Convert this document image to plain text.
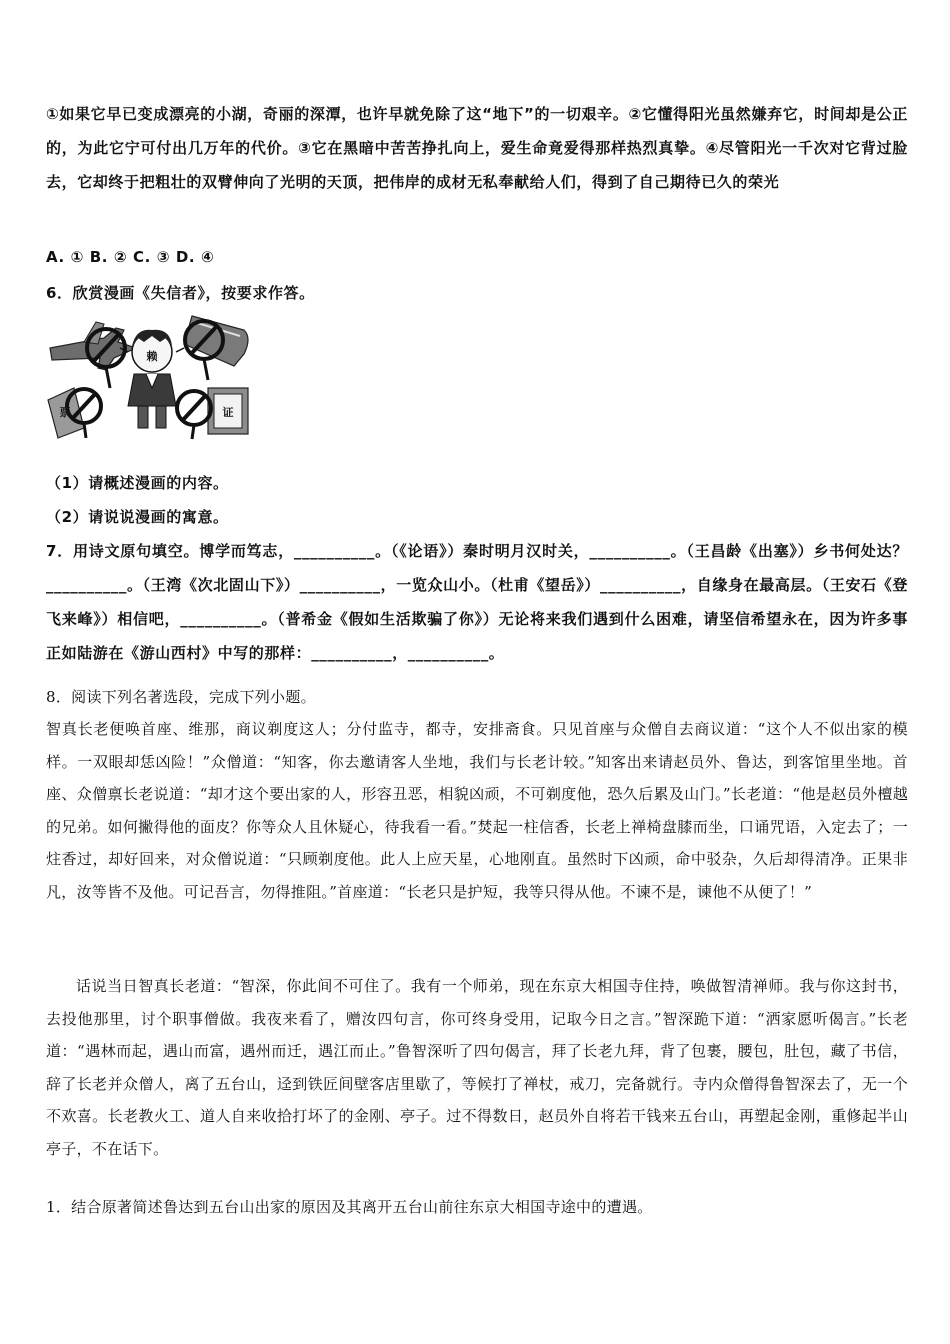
①如果它早已变成漂亮的小湖，奇丽的深潭，也许早就免除了这“地下”的一切艰辛。②它懂得阳光虽然嫌弃它，时间却是公正的，为此它宁可付出几万年的代价。③它在黑暗中苦苦挣扎向上，爱生命竟爱得那样热烈真挚。④尽管阳光一千次对它背过脸去，它却终于把粗壮的双臂伸向了光明的天顶，把伟岸的成材无私奉献给人们，得到了自己期待已久的荣光
A. ① B. ② C. ③ D. ④
6．欣赏漫画《失信者》，按要求作答。
赖
票	证
（1）请概述漫画的内容。
（2）请说说漫画的寓意。
7．用诗文原句填空。博学而笃志，__________。（《论语》）秦时明月汉时关，__________。（王昌龄《出塞》）乡书何处达？__________。（王湾《次北固山下》）__________，一览众山小。（杜甫《望岳》）__________，自缘身在最高层。（王安石《登飞来峰》）相信吧，__________。（普希金《假如生活欺骗了你》）无论将来我们遇到什么困难，请坚信希望永在，因为许多事正如陆游在《游山西村》中写的那样：__________，__________。
8．阅读下列名著选段，完成下列小题。
智真长老便唤首座、维那，商议剃度这人；分付监寺，都寺，安排斋食。只见首座与众僧自去商议道：“这个人不似出家的模样。一双眼却恁凶险！”众僧道：“知客，你去邀请客人坐地，我们与长老计较。”知客出来请赵员外、鲁达，到客馆里坐地。首座、众僧禀长老说道：“却才这个要出家的人，形容丑恶，相貌凶顽，不可剃度他，恐久后累及山门。”长老道：“他是赵员外檀越的兄弟。如何撇得他的面皮？你等众人且休疑心，待我看一看。”焚起一柱信香，长老上禅椅盘膝而坐，口诵咒语，入定去了；一炷香过，却好回来，对众僧说道：“只顾剃度他。此人上应天星，心地刚直。虽然时下凶顽，命中驳杂，久后却得清净。正果非凡，汝等皆不及他。可记吾言，勿得推阻。”首座道：“长老只是护短，我等只得从他。不谏不是，谏他不从便了！”
话说当日智真长老道：“智深，你此间不可住了。我有一个师弟，现在东京大相国寺住持，唤做智清禅师。我与你这封书，去投他那里，讨个职事僧做。我夜来看了，赠汝四句言，你可终身受用，记取今日之言。”智深跪下道：“洒家愿听偈言。”长老道：“遇林而起，遇山而富，遇州而迁，遇江而止。”鲁智深听了四句偈言，拜了长老九拜，背了包裹，腰包，肚包，藏了书信，辞了长老并众僧人，离了五台山，迳到铁匠间壁客店里歇了，等候打了禅杖，戒刀，完备就行。寺内众僧得鲁智深去了，无一个不欢喜。长老教火工、道人自来收拾打坏了的金刚、亭子。过不得数日，赵员外自将若干钱来五台山，再塑起金刚，重修起半山亭子，不在话下。
1．结合原著简述鲁达到五台山出家的原因及其离开五台山前往东京大相国寺途中的遭遇。
